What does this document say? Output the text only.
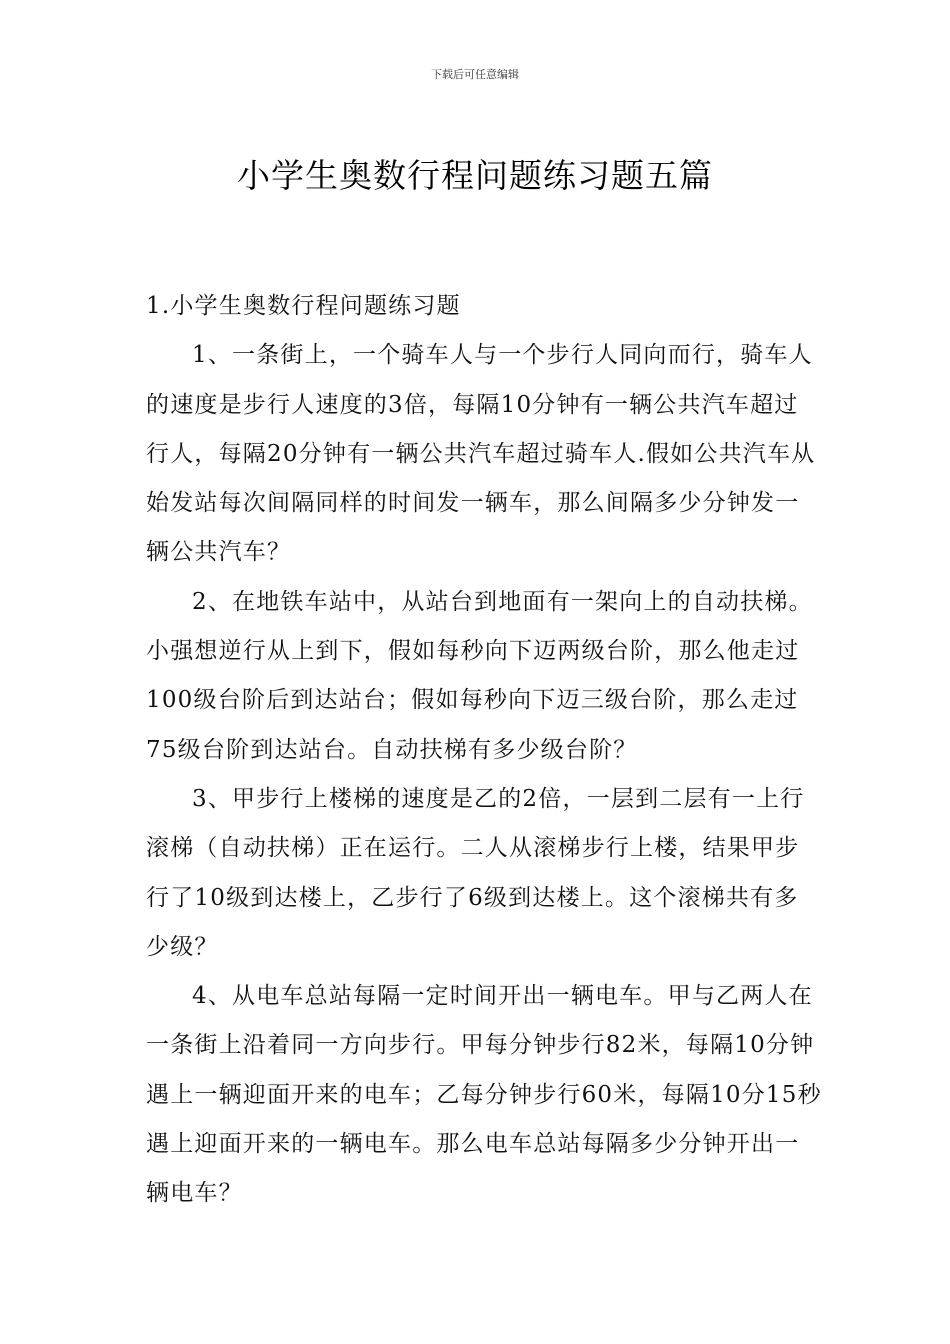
下载后可任意编辑
小学生奥数行程问题练习题五篇

1.小学生奥数行程问题练习题

1、一条街上，一个骑车人与一个步行人同向而行，骑车人的速度是步行人速度的3倍，每隔10分钟有一辆公共汽车超过行人，每隔20分钟有一辆公共汽车超过骑车人.假如公共汽车从始发站每次间隔同样的时间发一辆车，那么间隔多少分钟发一辆公共汽车？

2、在地铁车站中，从站台到地面有一架向上的自动扶梯。小强想逆行从上到下，假如每秒向下迈两级台阶，那么他走过100级台阶后到达站台；假如每秒向下迈三级台阶，那么走过75级台阶到达站台。自动扶梯有多少级台阶？

3、甲步行上楼梯的速度是乙的2倍，一层到二层有一上行滚梯（自动扶梯）正在运行。二人从滚梯步行上楼，结果甲步行了10级到达楼上，乙步行了6级到达楼上。这个滚梯共有多少级？

4、从电车总站每隔一定时间开出一辆电车。甲与乙两人在一条街上沿着同一方向步行。甲每分钟步行82米，每隔10分钟遇上一辆迎面开来的电车；乙每分钟步行60米，每隔10分15秒遇上迎面开来的一辆电车。那么电车总站每隔多少分钟开出一辆电车？
